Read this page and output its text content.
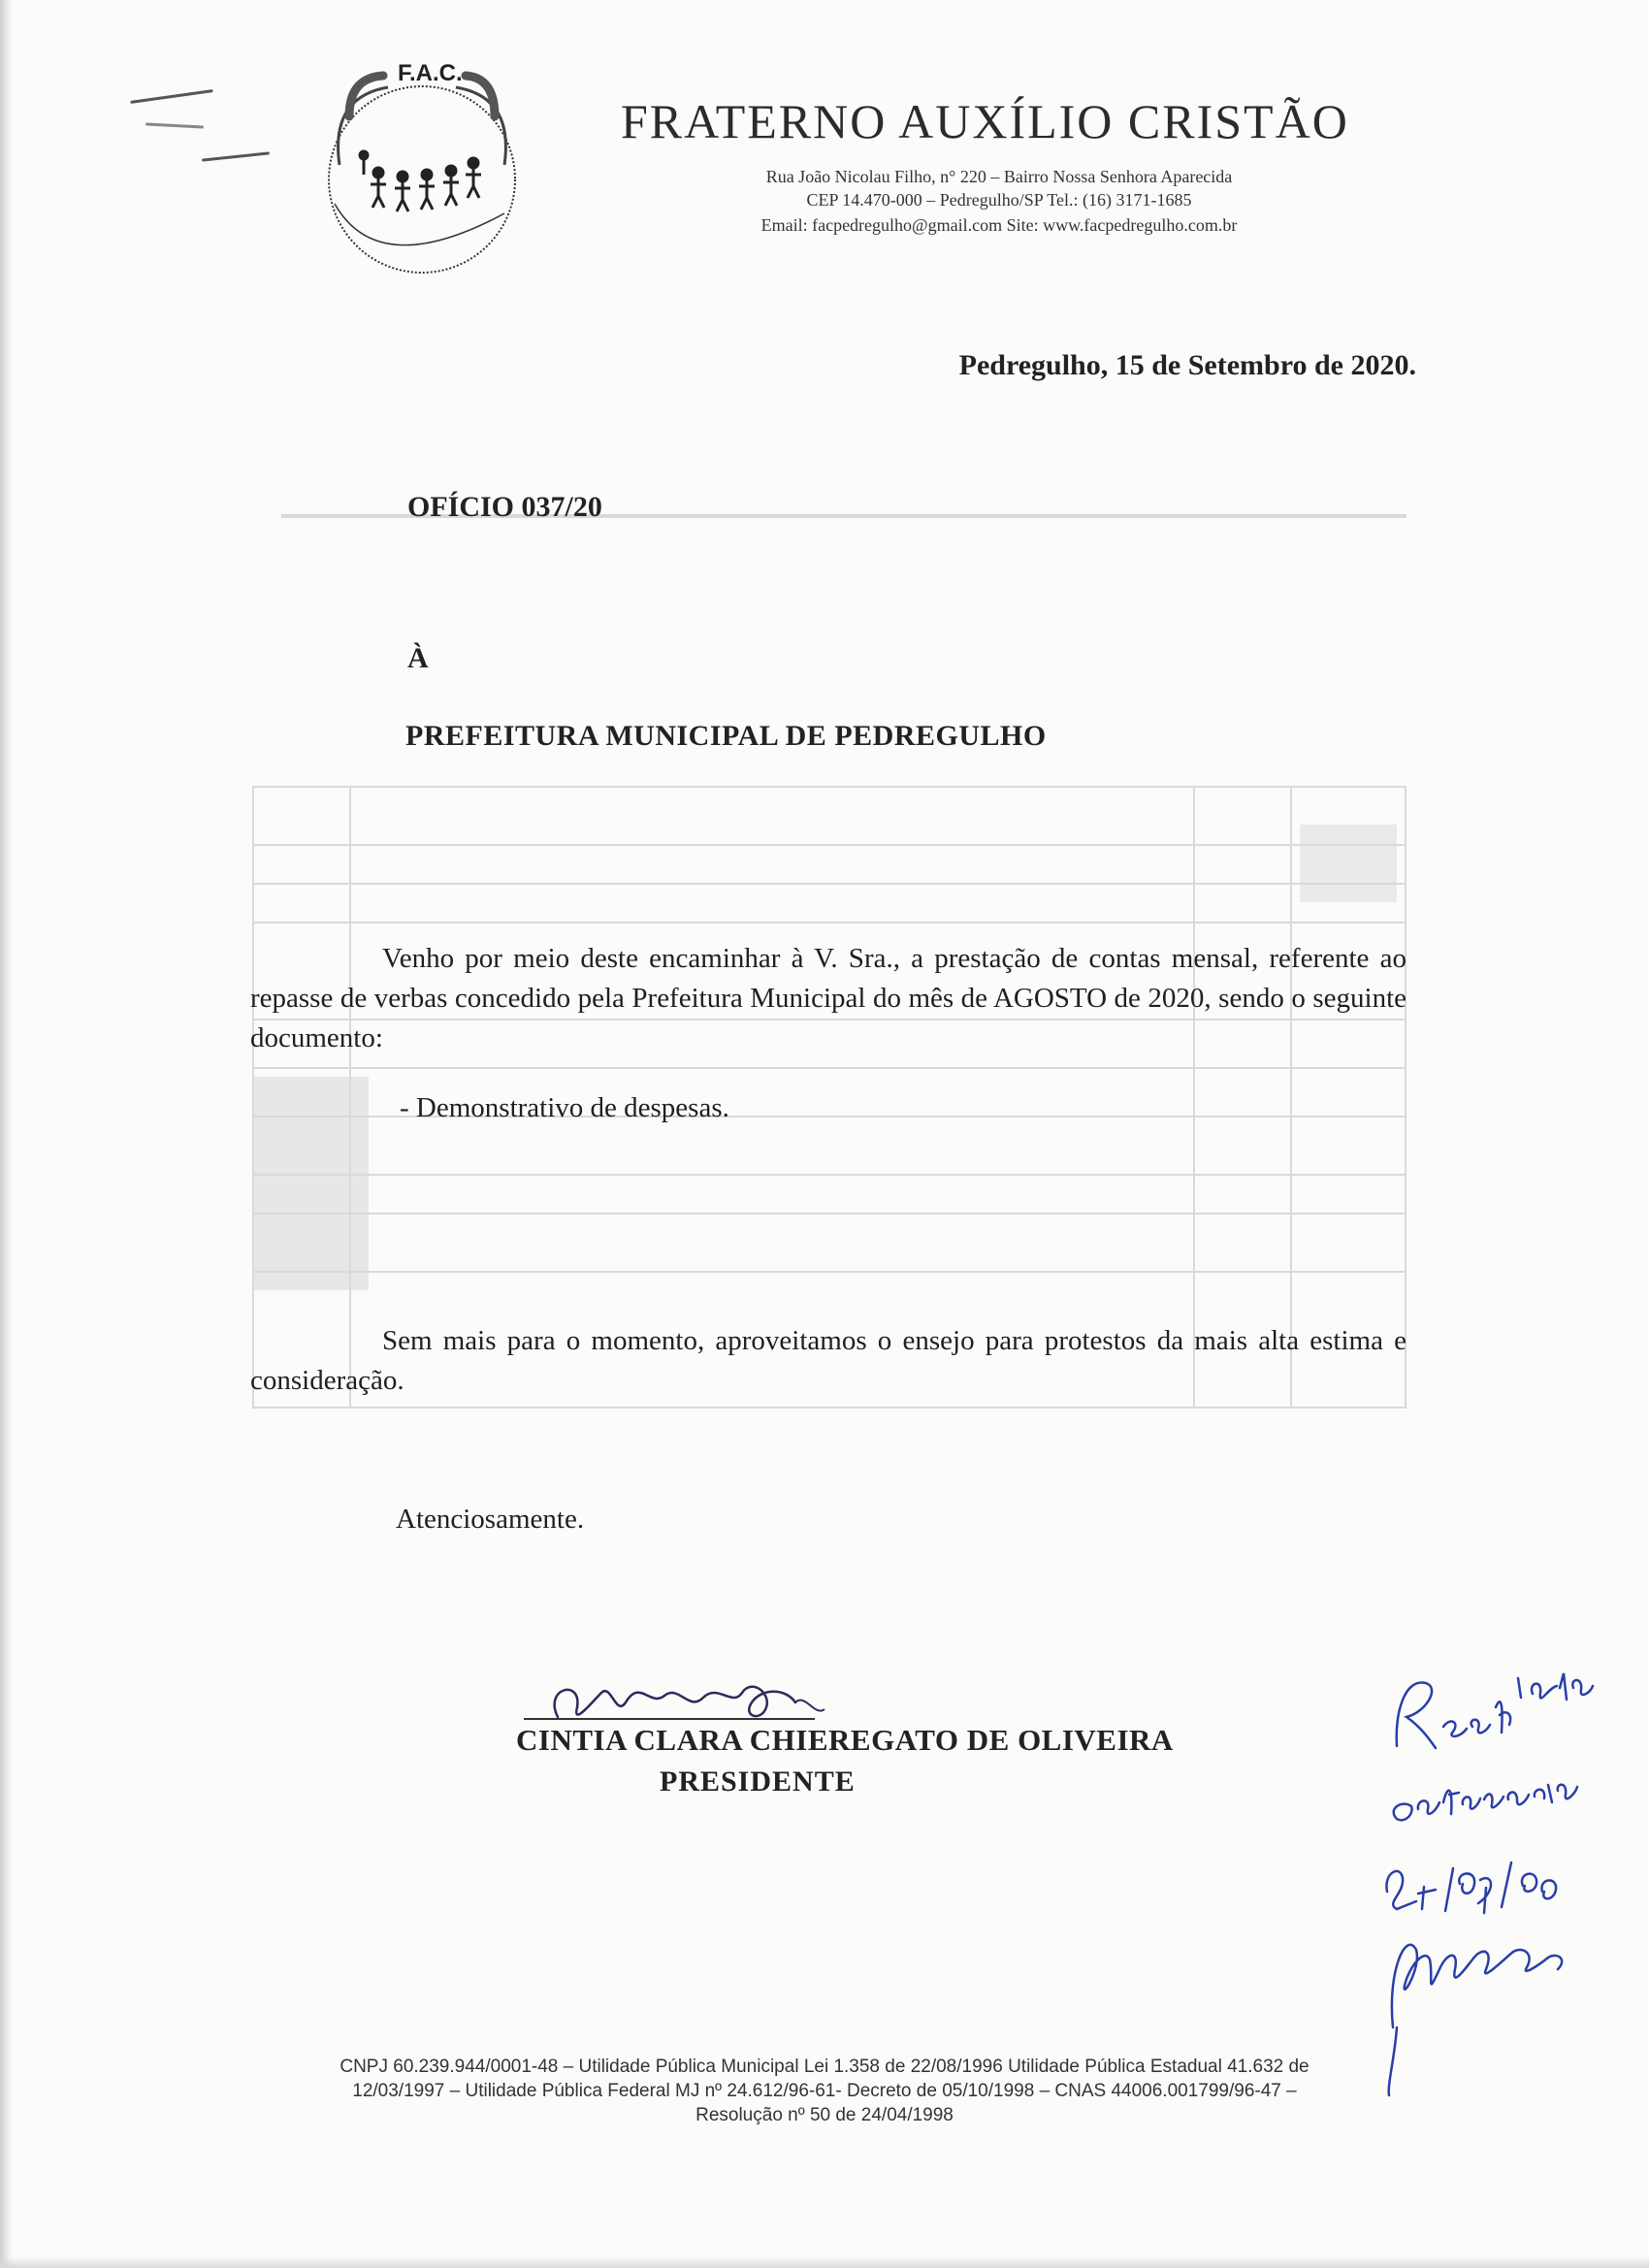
F.A.C.
FRATERNO AUXÍLIO CRISTÃO
Rua João Nicolau Filho, n° 220 – Bairro Nossa Senhora Aparecida
CEP 14.470-000 – Pedregulho/SP Tel.: (16) 3171-1685
Email: facpedregulho@gmail.com Site: www.facpedregulho.com.br
Pedregulho, 15 de Setembro de 2020.
OFÍCIO 037/20
À
PREFEITURA MUNICIPAL DE PEDREGULHO
Venho por meio deste encaminhar à V. Sra., a prestação de contas mensal, referente ao repasse de verbas concedido pela Prefeitura Municipal do mês de AGOSTO de 2020, sendo o seguinte documento:
- Demonstrativo de despesas.
Sem mais para o momento, aproveitamos o ensejo para protestos da mais alta estima e consideração.
Atenciosamente.
CINTIA CLARA CHIEREGATO DE OLIVEIRA
PRESIDENTE
CNPJ 60.239.944/0001-48 – Utilidade Pública Municipal Lei 1.358 de 22/08/1996 Utilidade Pública Estadual 41.632 de
12/03/1997 – Utilidade Pública Federal MJ nº 24.612/96-61- Decreto de 05/10/1998 – CNAS 44006.001799/96-47 –
Resolução nº 50 de 24/04/1998
